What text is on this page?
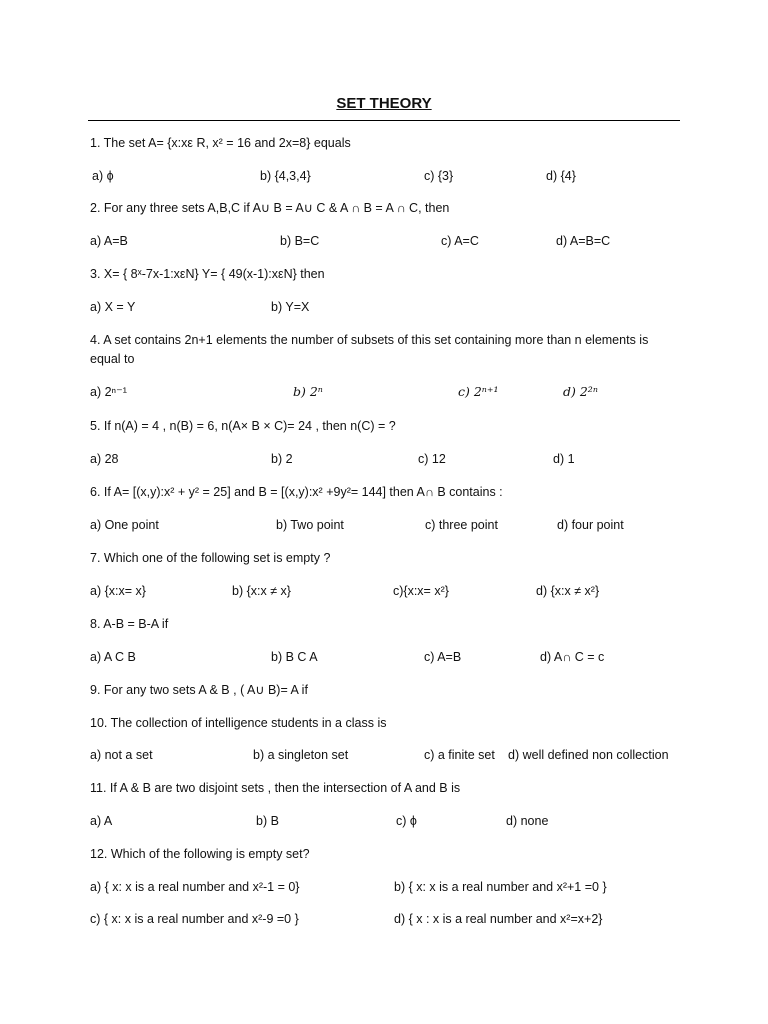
SET THEORY
1. The set A= {x:xε R, x² = 16 and 2x=8} equals
a) ϕ	b) {4,3,4}	c) {3}	d) {4}
2. For any three sets A,B,C if A∪ B = A∪ C & A ∩ B = A ∩ C, then
a) A=B	b) B=C	c) A=C	d) A=B=C
3. X= { 8ˣ-7x-1:xεN} Y= { 49(x-1):xεN} then
a) X = Y	b) Y=X
4. A set contains 2n+1 elements the number of subsets of this set containing more than n elements is
equal to
a) 2ⁿ⁻¹	b) 2ⁿ	c) 2ⁿ⁺¹	d) 2²ⁿ
5. If n(A) = 4 , n(B) = 6, n(A× B × C)= 24 , then n(C) = ?
a) 28	b) 2	c) 12	d) 1
6. If A= [(x,y):x² + y² = 25] and B = [(x,y):x² +9y²= 144] then A∩ B contains :
a) One point	b) Two point	c) three point	d) four point
7. Which one of the following set is empty ?
a) {x:x= x}	b) {x:x ≠ x}	c){x:x= x²}	d) {x:x ≠ x²}
8. A-B = B-A if
a) A C B	b) B C A	c) A=B	d) A∩ C = c
9. For any two sets A & B , ( A∪ B)= A if
10. The collection of intelligence students in a class is
a) not a set	b) a singleton set	c) a finite set d) well defined non collection
11. If A & B are two disjoint sets , then the intersection of A and B is
a) A	b) B	c) ϕ	d) none
12. Which of the following is empty set?
a) { x: x is a real number and x²-1 = 0}	b) { x: x is a real number and x²+1 =0 }
c) { x: x is a real number and x²-9 =0 }	d) { x : x is a real number and x²=x+2}
